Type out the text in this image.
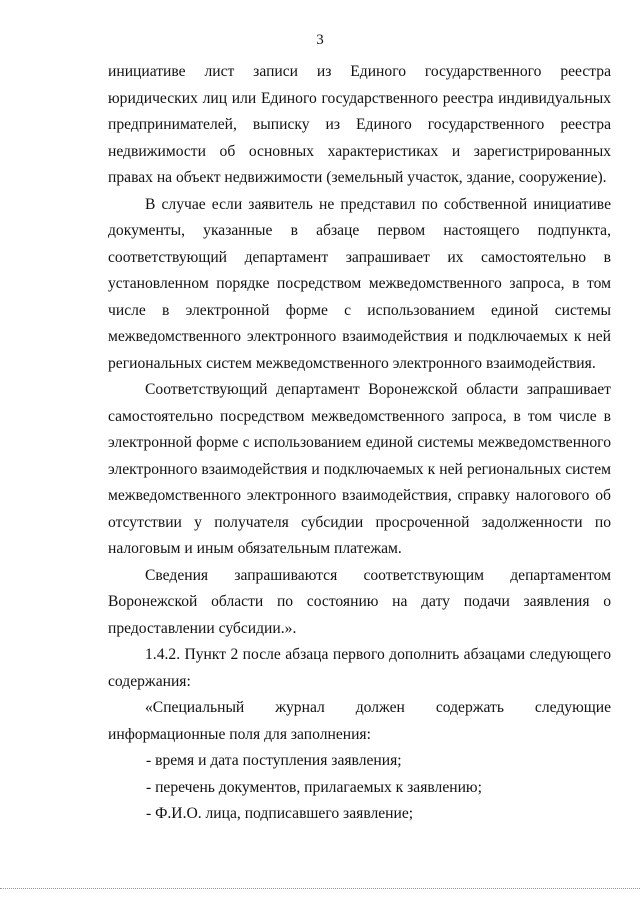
3

инициативе лист записи из Единого государственного реестра юридических лиц или Единого государственного реестра индивидуальных предпринимателей, выписку из Единого государственного реестра недвижимости об основных характеристиках и зарегистрированных правах на объект недвижимости (земельный участок, здание, сооружение).

В случае если заявитель не представил по собственной инициативе документы, указанные в абзаце первом настоящего подпункта, соответствующий департамент запрашивает их самостоятельно в установленном порядке посредством межведомственного запроса, в том числе в электронной форме с использованием единой системы межведомственного электронного взаимодействия и подключаемых к ней региональных систем межведомственного электронного взаимодействия.

Соответствующий департамент Воронежской области запрашивает самостоятельно посредством межведомственного запроса, в том числе в электронной форме с использованием единой системы межведомственного электронного взаимодействия и подключаемых к ней региональных систем межведомственного электронного взаимодействия, справку налогового об отсутствии у получателя субсидии просроченной задолженности по налоговым и иным обязательным платежам.

Сведения запрашиваются соответствующим департаментом Воронежской области по состоянию на дату подачи заявления о предоставлении субсидии.».

1.4.2. Пункт 2 после абзаца первого дополнить абзацами следующего содержания:

«Специальный журнал должен содержать следующие информационные поля для заполнения:

- время и дата поступления заявления;

- перечень документов, прилагаемых к заявлению;

- Ф.И.О. лица, подписавшего заявление;
